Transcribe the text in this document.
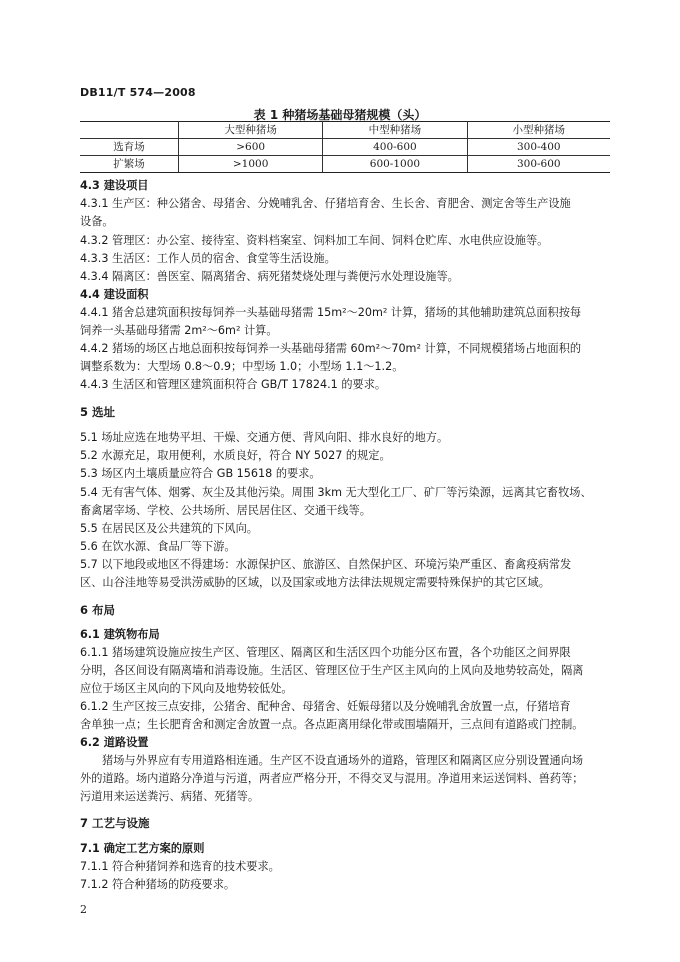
DB11/T 574—2008
表 1 种猪场基础母猪规模（头）
	大型种猪场	中型种猪场	小型种猪场
选育场	>600	400-600	300-400
扩繁场	>1000	600-1000	300-600
4.3 建设项目
4.3.1 生产区：种公猪舍、母猪舍、分娩哺乳舍、仔猪培育舍、生长舍、育肥舍、测定舍等生产设施
设备。
4.3.2 管理区：办公室、接待室、资料档案室、饲料加工车间、饲料仓贮库、水电供应设施等。
4.3.3 生活区：工作人员的宿舍、食堂等生活设施。
4.3.4 隔离区：兽医室、隔离猪舍、病死猪焚烧处理与粪便污水处理设施等。
4.4 建设面积
4.4.1 猪舍总建筑面积按每饲养一头基础母猪需 15m²～20m² 计算，猪场的其他辅助建筑总面积按每
饲养一头基础母猪需 2m²～6m² 计算。
4.4.2 猪场的场区占地总面积按每饲养一头基础母猪需 60m²～70m² 计算，不同规模猪场占地面积的
调整系数为：大型场 0.8～0.9；中型场 1.0；小型场 1.1～1.2。
4.4.3 生活区和管理区建筑面积符合 GB/T 17824.1 的要求。
5 选址
5.1 场址应选在地势平坦、干燥、交通方便、背风向阳、排水良好的地方。
5.2 水源充足，取用便利，水质良好，符合 NY 5027 的规定。
5.3 场区内土壤质量应符合 GB 15618 的要求。
5.4 无有害气体、烟雾、灰尘及其他污染。周围 3km 无大型化工厂、矿厂等污染源，远离其它畜牧场、
畜禽屠宰场、学校、公共场所、居民居住区、交通干线等。
5.5 在居民区及公共建筑的下风向。
5.6 在饮水源、食品厂等下游。
5.7 以下地段或地区不得建场：水源保护区、旅游区、自然保护区、环境污染严重区、畜禽疫病常发
区、山谷洼地等易受洪涝威胁的区域，以及国家或地方法律法规规定需要特殊保护的其它区域。
6 布局
6.1 建筑物布局
6.1.1 猪场建筑设施应按生产区、管理区、隔离区和生活区四个功能分区布置，各个功能区之间界限
分明，各区间设有隔离墙和消毒设施。生活区、管理区位于生产区主风向的上风向及地势较高处，隔离
应位于场区主风向的下风向及地势较低处。
6.1.2 生产区按三点安排，公猪舍、配种舍、母猪舍、妊娠母猪以及分娩哺乳舍放置一点，仔猪培育
舍单独一点；生长肥育舍和测定舍放置一点。各点距离用绿化带或围墙隔开，三点间有道路或门控制。
6.2 道路设置
猪场与外界应有专用道路相连通。生产区不设直通场外的道路，管理区和隔离区应分别设置通向场
外的道路。场内道路分净道与污道，两者应严格分开，不得交叉与混用。净道用来运送饲料、兽药等；
污道用来运送粪污、病猪、死猪等。
7 工艺与设施
7.1 确定工艺方案的原则
7.1.1 符合种猪饲养和选育的技术要求。
7.1.2 符合种猪场的防疫要求。
2
